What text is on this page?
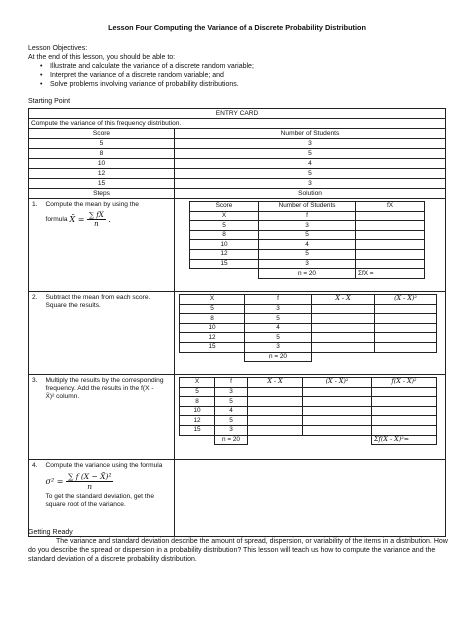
Lesson Four Computing the Variance of a Discrete Probability Distribution
Lesson Objectives:
At the end of this lesson, you should be able to:
• Illustrate and calculate the variance of a discrete random variable;
• Interpret the variance of a discrete random variable; and
• Solve problems involving variance of probability distributions.
Starting Point
ENTRY CARD
Compute the variance of this frequency distribution.
Score	Number of Students
5	3
8	5
10	4
12	5
15	3
Steps	Solution

1. Compute the mean by using the
formula X̄ =
∑ fX
n
.

Score	Number of Students	fX
X	f	
5	3	
8	5	
10	4	
12	5	
15	3	
	n = 20	ΣfX =

2. Subtract the mean from each score. Square the results.

X	f	X - X̄	(X - X̄)²
5	3		
8	5		
10	4		
12	5		
15	3		
	n = 20		

3. Multiply the results by the corresponding frequency. Add the results in the f(X - X̄)² column.

X	f	X - X̄	(X - X̄)²	f(X - X̄)²
5	3			
8	5			
10	4			
12	5			
15	3			
	n = 20			Σf(X - X̄)²=

4. Compute the variance using the formula
σ² =
∑ f (X − X̄)²
n
To get the standard deviation, get the square root of the variance.

Getting Ready

The variance and standard deviation describe the amount of spread, dispersion, or variability of the items in a distribution. How do you describe the spread or dispersion in a probability distribution? This lesson will teach us how to compute the variance and the standard deviation of a discrete probability distribution.
